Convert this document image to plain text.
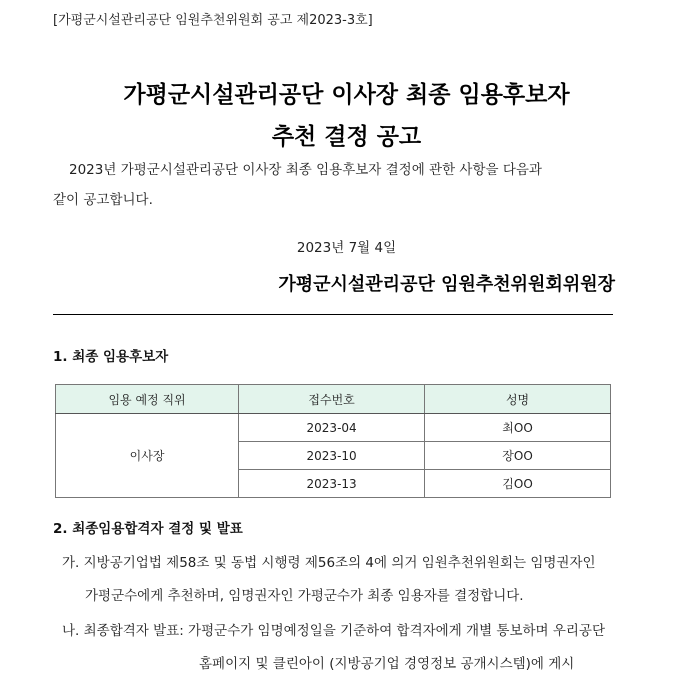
[가평군시설관리공단 임원추천위원회 공고 제2023-3호]
가평군시설관리공단 이사장 최종 임용후보자
추천 결정 공고
2023년 가평군시설관리공단 이사장 최종 임용후보자 결정에 관한 사항을 다음과
같이 공고합니다.
2023년 7월 4일
가평군시설관리공단 임원추천위원회위원장
1. 최종 임용후보자
임용 예정 직위	접수번호	성명
이사장	2023-04	최OO
	2023-10	장OO
	2023-13	김OO
2. 최종임용합격자 결정 및 발표
가. 지방공기업법 제58조 및 동법 시행령 제56조의 4에 의거 임원추천위원회는 임명권자인
가평군수에게 추천하며, 임명권자인 가평군수가 최종 임용자를 결정합니다.
나. 최종합격자 발표: 가평군수가 임명예정일을 기준하여 합격자에게 개별 통보하며 우리공단
홈페이지 및 클린아이 (지방공기업 경영정보 공개시스템)에 게시
